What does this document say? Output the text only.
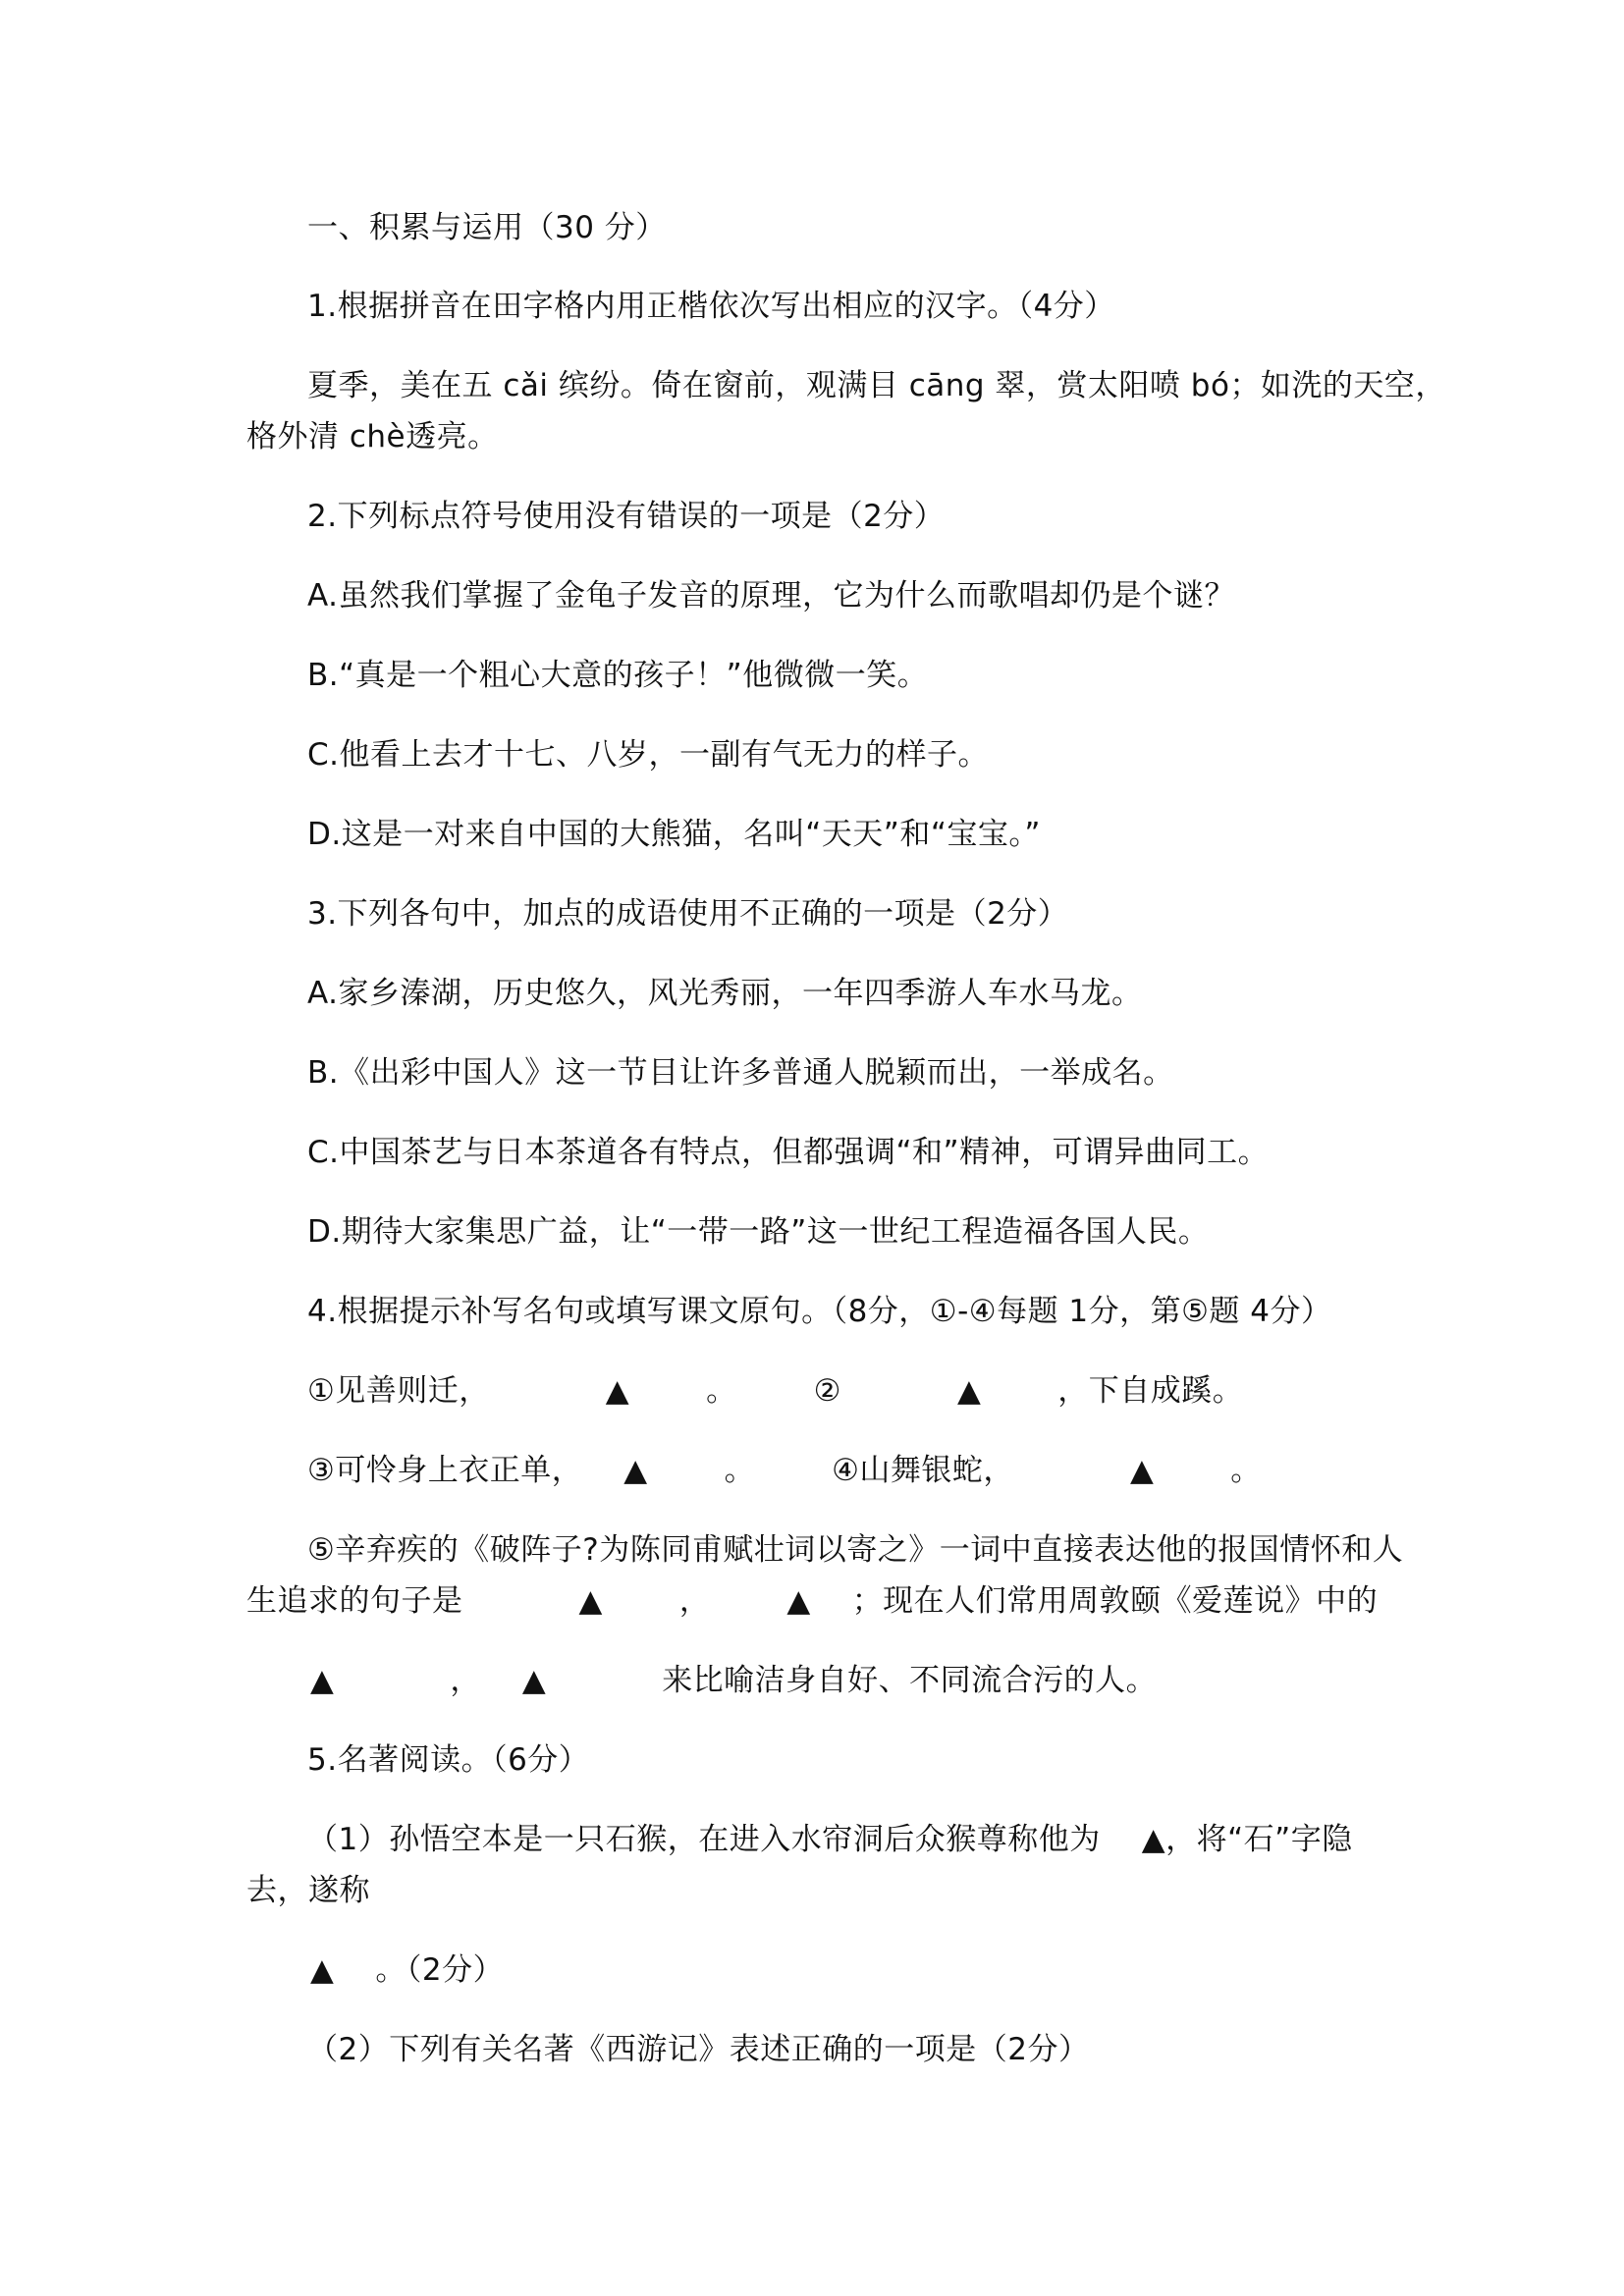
一、积累与运用（30 分）
1.根据拼音在田字格内用正楷依次写出相应的汉字。（4分）
夏季，美在五 cǎi 缤纷。倚在窗前，观满目 cāng 翠，赏太阳喷 bó；如洗的天空，
格外清 chè透亮。
2.下列标点符号使用没有错误的一项是（2分）
A.虽然我们掌握了金龟子发音的原理，它为什么而歌唱却仍是个谜？
B.“真是一个粗心大意的孩子！”他微微一笑。
C.他看上去才十七、八岁，一副有气无力的样子。
D.这是一对来自中国的大熊猫，名叫“天天”和“宝宝。”
3.下列各句中，加点的成语使用不正确的一项是（2分）
A.家乡溱湖，历史悠久，风光秀丽，一年四季游人车水马龙。
B.《出彩中国人》这一节目让许多普通人脱颖而出，一举成名。
C.中国茶艺与日本茶道各有特点，但都强调“和”精神，可谓异曲同工。
D.期待大家集思广益，让“一带一路”这一世纪工程造福各国人民。
4.根据提示补写名句或填写课文原句。（8分，①-④每题 1分，第⑤题 4分）
①见善则迁，	▲	。	②	▲	，下自成蹊。
③可怜身上衣正单， ▲	。	④山舞银蛇，	▲	。
⑤辛弃疾的《破阵子?为陈同甫赋壮词以寄之》一词中直接表达他的报国情怀和人
生追求的句子是	▲	，	▲ ；现在人们常用周敦颐《爱莲说》中的
▲	， ▲	来比喻洁身自好、不同流合污的人。
5.名著阅读。（6分）
（1）孙悟空本是一只石猴，在进入水帘洞后众猴尊称他为 ▲，将“石”字隐
去，遂称
▲ 。（2分）
（2）下列有关名著《西游记》表述正确的一项是（2分）
